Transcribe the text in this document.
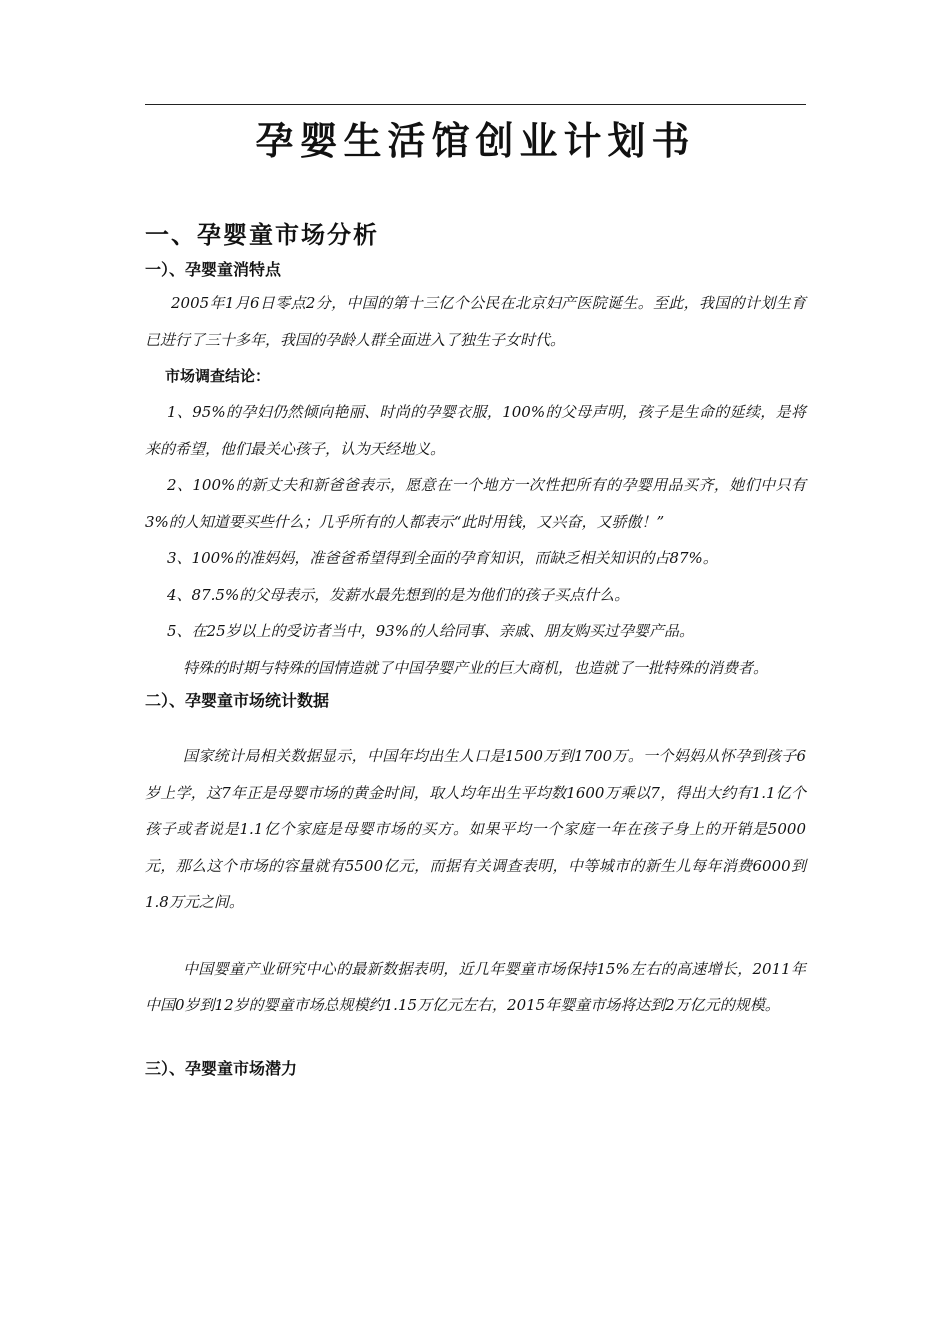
孕婴生活馆创业计划书
一、孕婴童市场分析
一）、孕婴童消特点

2005年1月6日零点2分，中国的第十三亿个公民在北京妇产医院诞生。至此，我国的计划生育已进行了三十多年，我国的孕龄人群全面进入了独生子女时代。

市场调查结论：

1、95%的孕妇仍然倾向艳丽、时尚的孕婴衣服，100%的父母声明，孩子是生命的延续，是将来的希望，他们最关心孩子，认为天经地义。

2、100%的新丈夫和新爸爸表示，愿意在一个地方一次性把所有的孕婴用品买齐，她们中只有3%的人知道要买些什么；几乎所有的人都表示“此时用钱，又兴奋，又骄傲！”

3、100%的准妈妈，准爸爸希望得到全面的孕育知识，而缺乏相关知识的占87%。

4、87.5%的父母表示，发薪水最先想到的是为他们的孩子买点什么。

5、在25岁以上的受访者当中，93%的人给同事、亲戚、朋友购买过孕婴产品。

特殊的时期与特殊的国情造就了中国孕婴产业的巨大商机，也造就了一批特殊的消费者。

二）、孕婴童市场统计数据

国家统计局相关数据显示，中国年均出生人口是1500万到1700万。一个妈妈从怀孕到孩子6岁上学，这7年正是母婴市场的黄金时间，取人均年出生平均数1600万乘以7，得出大约有1.1亿个孩子或者说是1.1亿个家庭是母婴市场的买方。如果平均一个家庭一年在孩子身上的开销是5000元，那么这个市场的容量就有5500亿元，而据有关调查表明，中等城市的新生儿每年消费6000到1.8万元之间。

中国婴童产业研究中心的最新数据表明，近几年婴童市场保持15%左右的高速增长，2011年中国0岁到12岁的婴童市场总规模约1.15万亿元左右，2015年婴童市场将达到2万亿元的规模。

三）、孕婴童市场潜力
